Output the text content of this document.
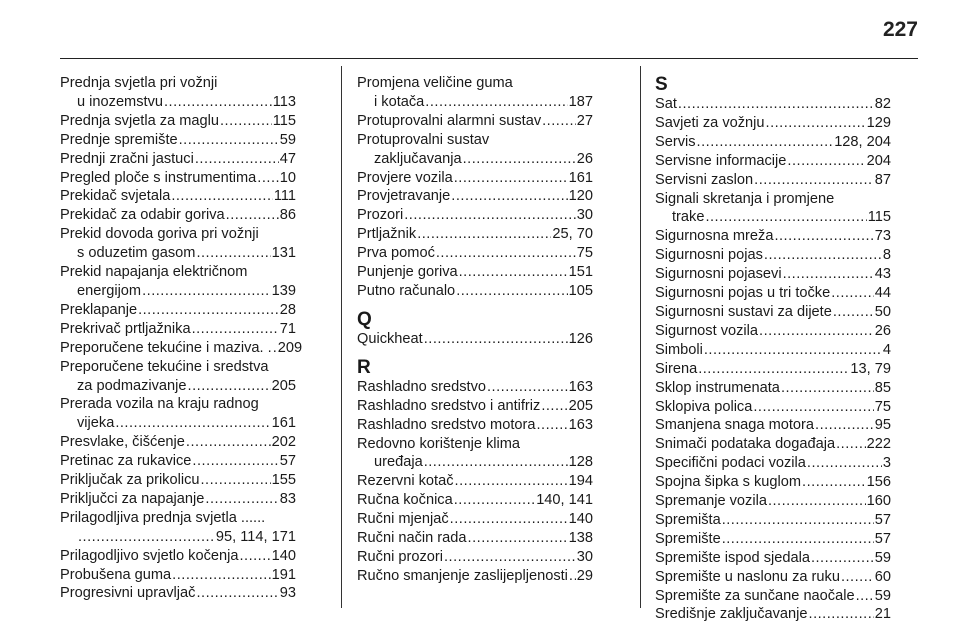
227
Prednja svjetla pri vožnji
u inozemstvu .....	113
Prednja svjetla za maglu .....	115
Prednje spremište .....	59
Prednji zračni jastuci .....	47
Pregled ploče s instrumentima ..... 10
Prekidač svjetala .....	111
Prekidač za odabir goriva .....	86
Prekid dovoda goriva pri vožnji
s oduzetim gasom .....	131
Prekid napajanja električnom
energijom .....	139
Preklapanje .....	28
Prekrivač prtljažnika .....	71
Preporučene tekućine i maziva. . ..... 209
Preporučene tekućine i sredstva
za podmazivanje .....	205
Prerada vozila na kraju radnog
vijeka .....	161
Presvlake, čišćenje .....	202
Pretinac za rukavice .....	57
Priključak za prikolicu .....	155
Priključci za napajanje .....	83
Prilagodljiva prednja svjetla ......
.....
95, 114, 171
Prilagodljivo svjetlo kočenja ..... 140
Probušena guma .....	191
Progresivni upravljač .....	93
Promjena veličine guma
i kotača .....	187
Protuprovalni alarmni sustav ..... 27
Protuprovalni sustav
zaključavanja .....	26
Provjere vozila .....	161
Provjetravanje .....	120
Prozori .....	30
Prtljažnik .....	25, 70
Prva pomoć .....	75
Punjenje goriva .....	151
Putno računalo .....	105
Q
Quickheat .....	126
R
Rashladno sredstvo .....	163
Rashladno sredstvo i antifriz ..... 205
Rashladno sredstvo motora ..... 163
Redovno korištenje klima
uređaja .....	128
Rezervni kotač .....	194
Ručna kočnica .....	140, 141
Ručni mjenjač .....	140
Ručni način rada .....	138
Ručni prozori .....	30
Ručno smanjenje zaslijepljenosti ..... 29
S
Sat .....	82
Savjeti za vožnju .....	129
Servis .....	128, 204
Servisne informacije .....	204
Servisni zaslon .....	87
Signali skretanja i promjene
trake .....	115
Sigurnosna mreža .....	73
Sigurnosni pojas .....	8
Sigurnosni pojasevi .....	43
Sigurnosni pojas u tri točke .....	44
Sigurnosni sustavi za dijete .....	50
Sigurnost vozila .....	26
Simboli .....	4
Sirena .....	13, 79
Sklop instrumenata .....	85
Sklopiva polica .....	75
Smanjena snaga motora .....	95
Snimači podataka događaja ..... 222
Specifični podaci vozila .....	3
Spojna šipka s kuglom .....	156
Spremanje vozila .....	160
Spremišta .....	57
Spremište .....	57
Spremište ispod sjedala .....	59
Spremište u naslonu za ruku ..... 60
Spremište za sunčane naočale ..... 59
Središnje zaključavanje .....	21
